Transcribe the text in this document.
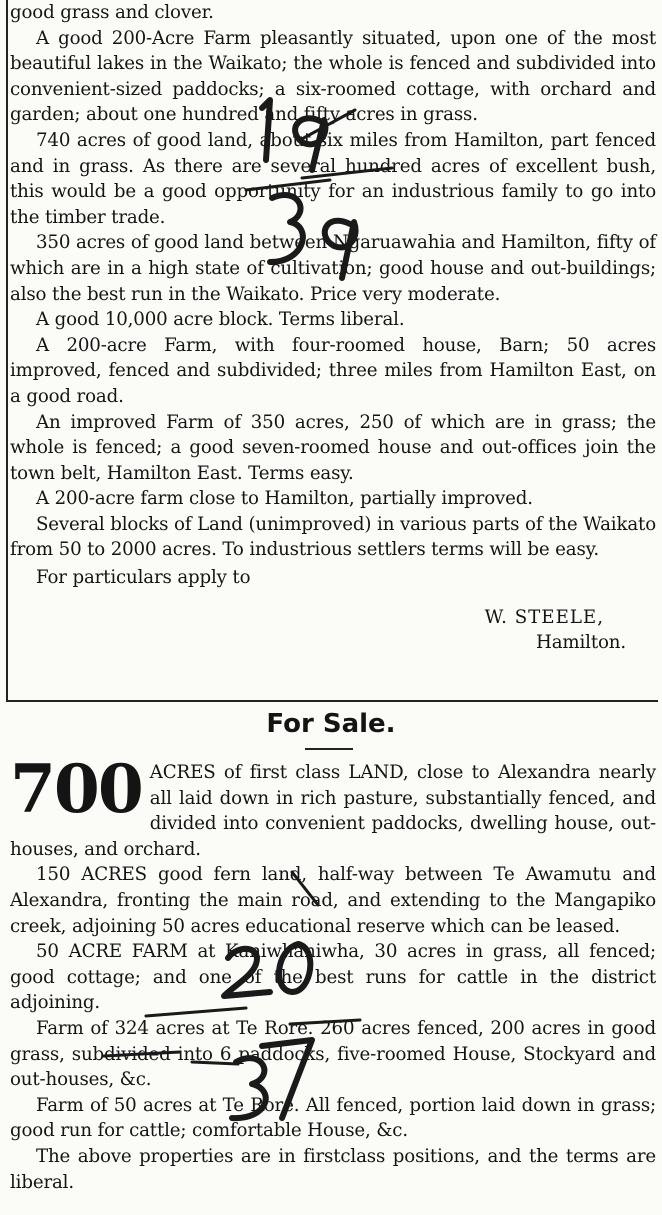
good grass and clover.

A good 200-Acre Farm pleasantly situated, upon one of the most beautiful lakes in the Waikato; the whole is fenced and subdivided into convenient-sized paddocks; a six-roomed cottage, with orchard and garden; about one hundred and fifty acres in grass.

740 acres of good land, about six miles from Hamilton, part fenced and in grass. As there are several hundred acres of excellent bush, this would be a good opportunity for an industrious family to go into the timber trade.

350 acres of good land between Ngaruawahia and Hamilton, fifty of which are in a high state of cultivation; good house and out-buildings; also the best run in the Waikato. Price very moderate.

A good 10,000 acre block. Terms liberal.

A 200-acre Farm, with four-roomed house, Barn; 50 acres improved, fenced and subdivided; three miles from Hamilton East, on a good road.

An improved Farm of 350 acres, 250 of which are in grass; the whole is fenced; a good seven-roomed house and out-offices join the town belt, Hamilton East. Terms easy.

A 200-acre farm close to Hamilton, partially improved.

Several blocks of Land (unimproved) in various parts of the Waikato from 50 to 2000 acres. To industrious settlers terms will be easy.

For particulars apply to

W. STEELE,

Hamilton.

For Sale.
700 ACRES of first class LAND, close to Alexandra nearly all laid down in rich pasture, substantially fenced, and divided into convenient paddocks, dwelling house, out-houses, and orchard.

150 ACRES good fern land, half-way between Te Awamutu and Alexandra, fronting the main road, and extending to the Mangapiko creek, adjoining 50 acres educational reserve which can be leased.

50 ACRE FARM at Kaniwhaniwha, 30 acres in grass, all fenced; good cottage; and one of the best runs for cattle in the district adjoining.

Farm of 324 acres at Te Rore. 260 acres fenced, 200 acres in good grass, subdivided into 6 paddocks, five-roomed House, Stockyard and out-houses, &c.

Farm of 50 acres at Te Rore. All fenced, portion laid down in grass; good run for cattle; comfortable House, &c.

The above properties are in firstclass positions, and the terms are liberal.
